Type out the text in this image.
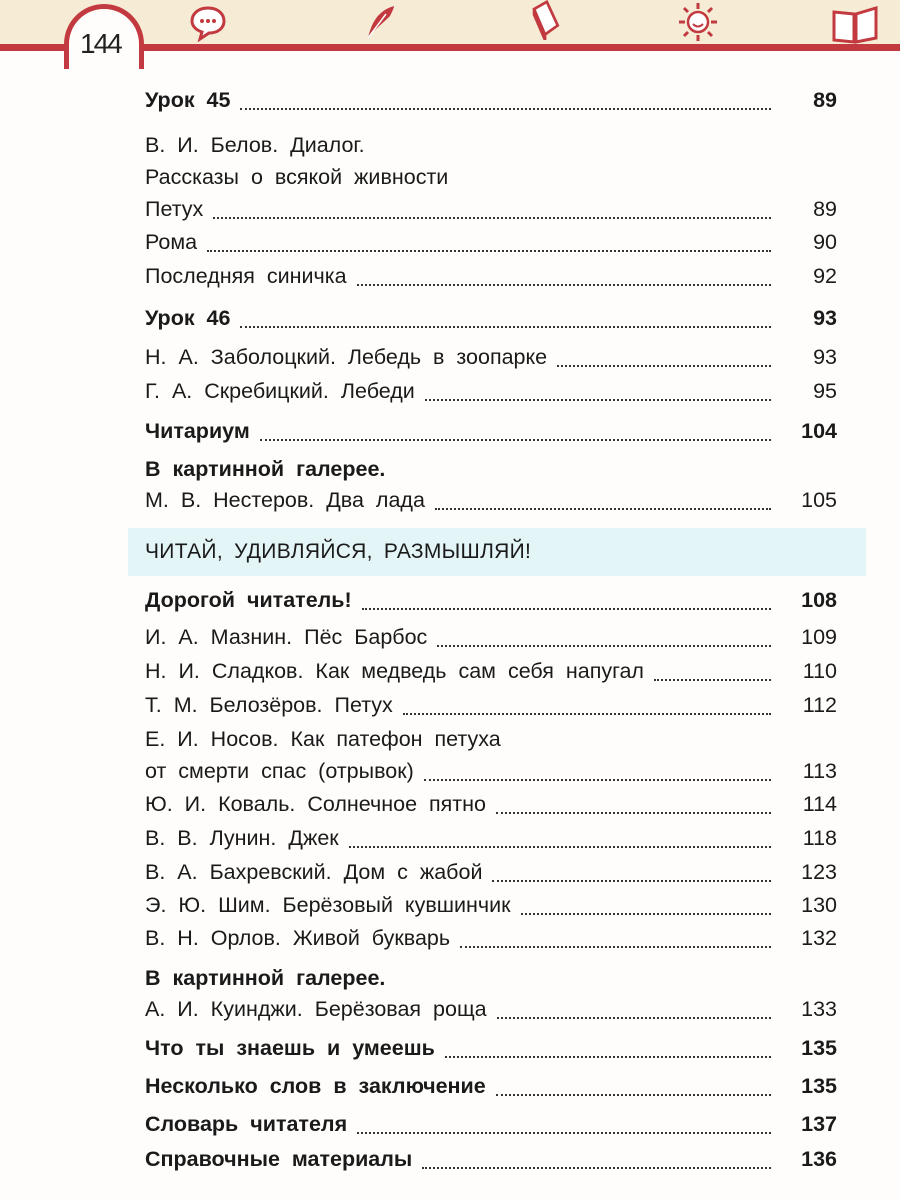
144
ЧИТАЙ, УДИВЛЯЙСЯ, РАЗМЫШЛЯЙ!
Урок 45	89
В. И. Белов. Диалог.
Рассказы о всякой живности
Петух	89
Рома	90
Последняя синичка	92
Урок 46	93
Н. А. Заболоцкий. Лебедь в зоопарке	93
Г. А. Скребицкий. Лебеди	95
Читариум	104
В картинной галерее.
М. В. Нестеров. Два лада	105
Дорогой читатель!	108
И. А. Мазнин. Пёс Барбос	109
Н. И. Сладков. Как медведь сам себя напугал	110
Т. М. Белозёров. Петух	112
Е. И. Носов. Как патефон петуха
от смерти спас (отрывок)	113
Ю. И. Коваль. Солнечное пятно	114
В. В. Лунин. Джек	118
В. А. Бахревский. Дом с жабой	123
Э. Ю. Шим. Берёзовый кувшинчик	130
В. Н. Орлов. Живой букварь	132
В картинной галерее.
А. И. Куинджи. Берёзовая роща	133
Что ты знаешь и умеешь	135
Несколько слов в заключение	135
Словарь читателя	137
Справочные материалы	136
